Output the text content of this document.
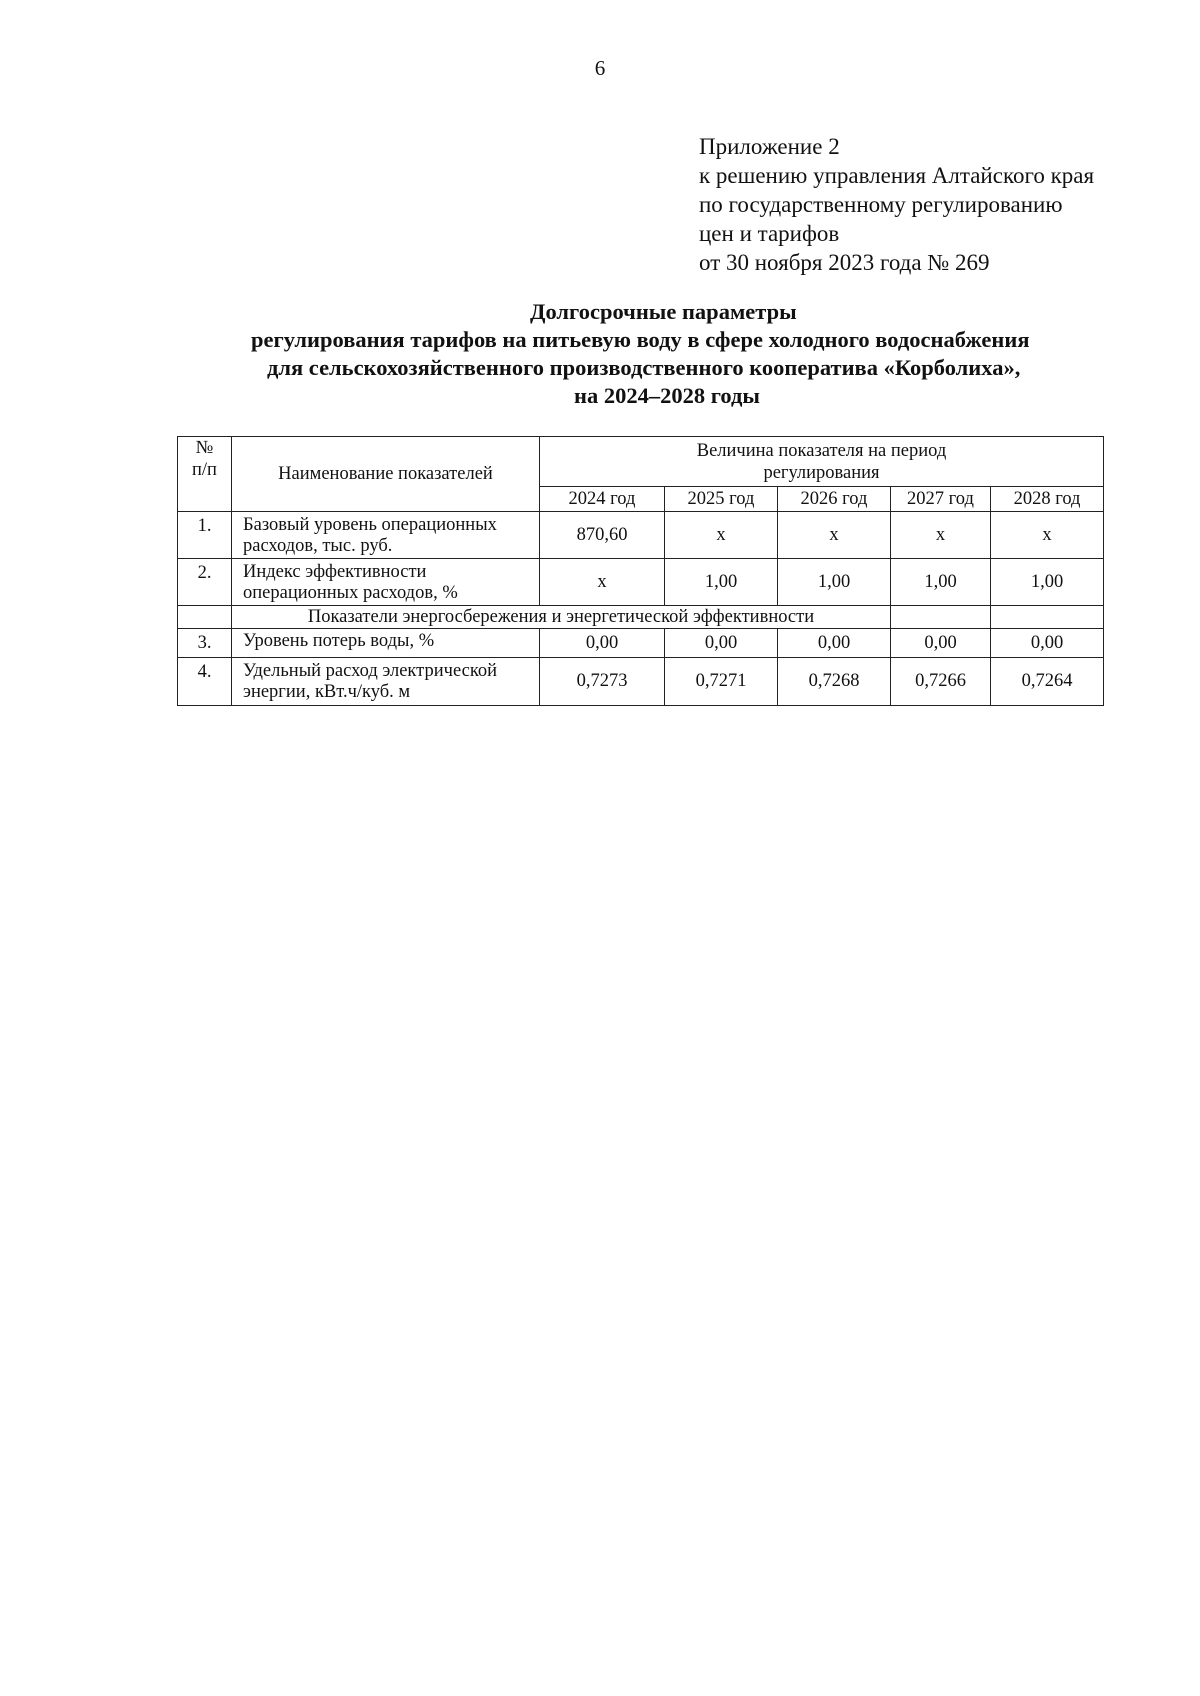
6
Приложение 2
к решению управления Алтайского края
по государственному регулированию
цен и тарифов
от 30 ноября 2023 года № 269
Долгосрочные параметры
регулирования тарифов на питьевую воду в сфере холодного водоснабжения
для сельскохозяйственного производственного кооператива «Корболиха»,
на 2024–2028 годы
№
п/п	Наименование показателей	Величина показателя на период регулирования				
		2024 год	2025 год	2026 год	2027 год	2028 год
1.	Базовый уровень операционных расходов, тыс. руб.	870,60	x	x	x	x
2.	Индекс эффективности операционных расходов, %	x	1,00	1,00	1,00	1,00
	Показатели энергосбережения и энергетической эффективности					
3.	Уровень потерь воды, %	0,00	0,00	0,00	0,00	0,00
4.	Удельный расход электрической энергии, кВт.ч/куб. м	0,7273	0,7271	0,7268	0,7266	0,7264
